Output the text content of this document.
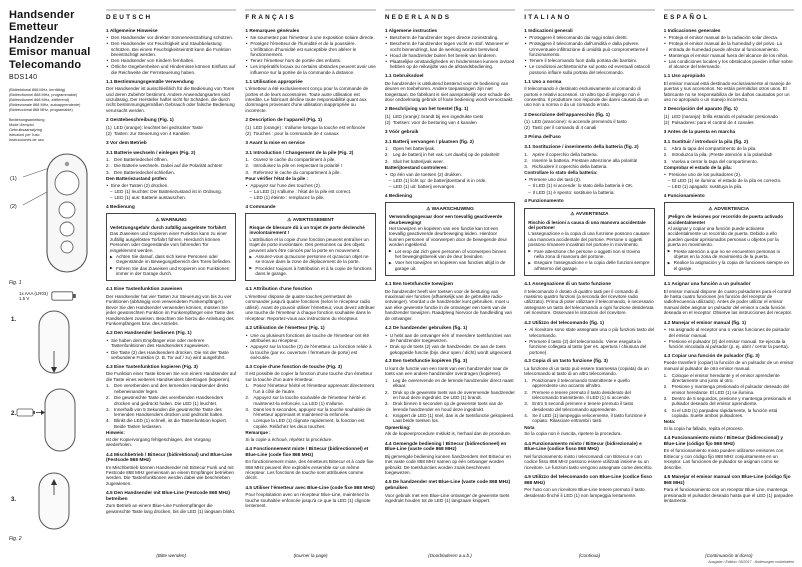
Handsender
Emetteur
Handzender
Emisor manual
Telecomando
BDS140
(Bidirektional 868 MHz, lernfähig)
(Bidirectionnel 868 MHz, programmable)
(Bidirectioneel 868 MHz, zelflerend)
(Bidirezionale 868 MHz, autoapprendente)
(Bidireccional 868 MHz, programable)
Bedienungsanleitung
Mode d'emploi
Gebruiksaanwijzing
Istruzioni per l'uso
Instrucciones de uso
(1)
(2)
Fig. 1
1x AAA (LR03)
1.5 V
1.
2.
3.
Fig. 2
DEUTSCH
1 Allgemeine Hinweise
• Den Handsender vor direkter Sonneneinstrahlung schützen.
• Den Handsender vor Feuchtigkeit und Staubbelastung schützen. Bei einem Feuchtigkeitseintritt kann die Funktion beeinträchtigt werden.
• Den Handsender von Kindern fernhalten.
• Örtliche Gegebenheiten und Hindernisse können Einfluss auf die Reichweite der Fernsteuerung haben.
1.1 Bestimmungsgemäße Verwendung
Der Handsender ist ausschließlich für die Bedienung von Toren und deren Zubehör bestimmt. Andere Anwendungsarten sind unzulässig. Der Hersteller haftet nicht für Schäden, die durch nicht bestimmungsgemäßen Gebrauch oder falsche Bedienung verursacht werden.
2 Gerätebeschreibung (Fig. 1)
(1) LED (orange): leuchtet bei gedrückter Taste
(2) Tasten: zur Steuerung von 4 Kanälen
3 Vor dem Betrieb
3.1 Batterie wechseln / einlegen (Fig. 2)
1. Den Batteriedeckel öffnen.
2. Die Batterie wechseln. Dabei auf die Polarität achten!
3. Den Batteriedeckel schließen.
Den Batteriezustand prüfen:
• Eine der Tasten (2) drücken.
– LED (1) leuchtet: Der Batteriezustand ist in Ordnung.
– LED (1) aus: Batterie austauschen.
4 Bedienung
⚠ WARNUNG
Verletzungsgefahr durch zufällig ausgelöste Torfahrt!
Das Zuweisen und Kopieren einer Funktion kann zu einer zufällig ausgelösten Torfahrt führen. Hierdurch können Personen oder Gegenstände vom fahrenden Tor eingeklemmt werden.
▶ Achten Sie darauf, dass sich keine Personen oder Gegenstände im Bewegungsbereich des Tores befinden.
▶ Führen Sie das Zuweisen und Kopieren von Funktionen immer in der Garage durch.
4.1 Eine Tastenfunktion zuweisen
Der Handsender hat vier Tasten zur Steuerung von bis zu vier Funktionen (abhängig vom verwendeten Funkempfänger). Bevor Sie den Handsender verwenden können, müssen Sie jeder gewünschten Funktion im Funkempfänger eine Taste des Handsenders zuweisen. Beachten Sie hierzu die Anleitung des Funkempfängers bzw. des Antriebs.
4.2 Den Handsender bedienen (Fig. 1)
• Sie haben dem Empfänger eine oder mehrere Tastenfunktionen des Handsenders zugewiesen.
• Die Taste (2) des Handsenders drücken. Die mit der Taste verbundene Funktion (z. B. Tor auf / zu) wird ausgeführt.
4.3 Eine Tastenfunktion kopieren (Fig. 3)
Die Funktion einer Taste können Sie von einem Handsender auf die Taste eines weiteren Handsenders übertragen (kopieren).
1. Den vererbenden und den lernenden Handsender direkt nebeneinander legen.
2. Die gewünschte Taste des vererbenden Handsenders drücken und gedrückt halten. Die LED (1) leuchtet.
3. Innerhalb von 5 Sekunden die gewünschte Taste des lernenden Handsenders drücken und gedrückt halten.
4. Blinkt die LED (1) schnell, ist die Tastenfunktion kopiert. Beide Tasten loslassen.
Hinweis:
Ist der Kopiervorgang fehlgeschlagen, den Vorgang wiederholen.
4.4 Mischbetrieb / BiSecur (bidirektional) und Blue-Line (Festcode 868 MHz)
Im Mischbetrieb können Handsender mit BiSecur Funk und mit Festcode 868 MHz gemeinsam an einem Empfänger betrieben werden. Die Tastenfunktionen werden dabei wie beschrieben zugewiesen.
4.5 Den Handsender mit Blue-Line (Festcode 868 MHz) betreiben
Zum Betrieb an einem Blue-Line Funkempfänger die gewünschte Taste lang drücken, bis die LED (1) langsam blinkt.
(Bitte wenden)
FRANÇAIS
1 Remarques générales
• Ne soumettez pas l'émetteur à une exposition solaire directe.
• Protégez l'émetteur de l'humidité et de la poussière. L'infiltration d'humidité est susceptible d'en altérer le fonctionnement.
• Tenez l'émetteur hors de portée des enfants.
• Les impératifs locaux ou certains obstacles peuvent avoir une influence sur la portée de la commande à distance.
1.1 Utilisation appropriée
L'émetteur a été exclusivement conçu pour la commande de portes et de leurs accessoires. Toute autre utilisation est interdite. Le fabricant décline toute responsabilité quant aux dommages provenant d'une utilisation inappropriée ou incorrecte.
2 Description de l'appareil (Fig. 1)
(1) LED (orange) : s'allume lorsque la touche est enfoncée
(2) Touches : pour la commande de 4 canaux
3 Avant la mise en service
3.1 Introduction / Changement de la pile (Fig. 2)
1. Ouvrez le cache du compartiment à pile.
2. Introduisez la pile en respectant la polarité !
3. Refermez le cache du compartiment à pile.
Pour vérifier l'état de la pile :
• Appuyez sur l'une des touches (2).
– La LED (1) s'allume : l'état de la pile est correct.
– LED (1) éteinte : remplacez la pile.
4 Commande
⚠ AVERTISSEMENT
Risque de blessure dû à un trajet de porte déclenché involontairement !
L'attribution et la copie d'une fonction peuvent entraîner un trajet de porte involontaire. Des personnes ou des objets peuvent alors être coincés par la porte en mouvement.
▶ Assurez-vous qu'aucune personne et qu'aucun objet ne se trouve dans la zone de déplacement de la porte.
▶ Procédez toujours à l'attribution et à la copie de fonctions dans le garage.
4.1 Attribution d'une fonction
L'émetteur dispose de quatre touches permettant de commander jusqu'à quatre fonctions (selon le récepteur radio utilisé). Avant de pouvoir utiliser l'émetteur, vous devez attribuer une touche de l'émetteur à chaque fonction souhaitée dans le récepteur. Reportez-vous aux instructions du récepteur.
4.2 Utilisation de l'émetteur (Fig. 1)
• Une ou plusieurs fonctions de touche de l'émetteur ont été attribuées au récepteur.
• Appuyez sur la touche (2) de l'émetteur. La fonction reliée à la touche (par ex. ouverture / fermeture de porte) est exécutée.
4.3 Copie d'une fonction de touche (Fig. 3)
Il est possible de copier la fonction d'une touche d'un émetteur sur la touche d'un autre émetteur.
1. Posez l'émetteur hérité et l'émetteur apprenant directement l'un à côté de l'autre.
2. Appuyez sur la touche souhaitée de l'émetteur hérité et maintenez-la enfoncée. La LED (1) s'allume.
3. Dans les 5 secondes, appuyez sur la touche souhaitée de l'émetteur apprenant et maintenez-la enfoncée.
4. Lorsque la LED (1) clignote rapidement, la fonction est copiée. Relâchez les deux touches.
Remarque :
Si la copie a échoué, répétez la procédure.
4.4 Fonctionnement mixte / BiSecur (bidirectionnel) et Blue-Line (code fixe 868 MHz)
En fonctionnement mixte, des émetteurs BiSecur et à code fixe 868 MHz peuvent être exploités ensemble sur un même récepteur. Les fonctions de touche sont attribuées comme décrit.
4.5 Utiliser l'émetteur avec Blue-Line (code fixe 868 MHz)
Pour l'exploitation avec un récepteur Blue-Line, maintenez la touche souhaitée enfoncée jusqu'à ce que la LED (1) clignote lentement.
(tourner la page)
NEDERLANDS
1 Algemene instructies
• Bescherm de handzender tegen directe zoninstraling.
• Bescherm de handzender tegen vocht en stof. Wanneer er vocht binnendringt, kan de werking worden beïnvloed.
• Houd de handzender buiten het bereik van kinderen.
• Plaatselijke omstandigheden en hindernissen kunnen invloed hebben op de reikwijdte van de afstandsbediening.
1.1 Gebruiksdoel
De handzender is uitsluitend bestemd voor de bediening van deuren en toebehoren. Andere toepassingen zijn niet toegestaan. De fabrikant is niet aansprakelijk voor schade die door ondoelmatig gebruik of foute bediening wordt veroorzaakt.
2 Beschrijving van het toestel (fig. 1)
(1) LED (oranje): brandt bij een ingedrukte toets
(2) Toetsen: voor de besturing van 4 kanalen
3 Vóór gebruik
3.1 Batterij vervangen / plaatsen (fig. 2)
1. Open het batterijvak.
2. Leg de batterij in het vak. Let daarbij op de polariteit!
3. Sluit het batterijvak weer.
Batterijtoestand controleren:
• Op één van de toetsen (2) drukken.
– LED (1) licht op: de batterijtoestand is in orde.
– LED (1) uit: batterij vervangen.
4 Bediening
⚠ WAARSCHUWING
Verwondingsgevaar door een toevallig geactiveerde deurbeweging!
Het toewijzen en kopiëren van een functie kan tot een toevallig geactiveerde deurbeweging leiden. Hierdoor kunnen personen of voorwerpen door de bewegende deur worden ingeklemd.
▶ Let erop dat zich geen personen of voorwerpen binnen het bewegingsbereik van de deur bevinden.
▶ Voer het toewijzen en kopiëren van functies altijd in de garage uit.
4.1 Een toetsfunctie toewijzen
De handzender heeft vier toetsen voor de besturing van maximaal vier functies (afhankelijk van de gebruikte radio-ontvanger). Voordat u de handzender kunt gebruiken, moet u aan elke gewenste functie in de ontvanger een toets van de handzender toewijzen. Raadpleeg hiervoor de handleiding van de ontvanger.
4.2 De handzender gebruiken (fig. 1)
• U hebt aan de ontvanger één of meerdere toetsfuncties van de handzender toegewezen.
• Druk op de toets (2) van de handzender. De aan de toets gekoppelde functie (bijv. deur open / dicht) wordt uitgevoerd.
4.3 Een toetsfunctie kopiëren (fig. 3)
U kunt de functie van een toets van een handzender naar de toets van een andere handzender overdragen (kopiëren).
1. Leg de overervende en de lerende handzender direct naast elkaar.
2. Druk op de gewenste toets van de overervende handzender en houd deze ingedrukt. De LED (1) brandt.
3. Druk binnen 5 seconden op de gewenste toets van de lerende handzender en houd deze ingedrukt.
4. Knippert de LED (1) snel, dan is de toetsfunctie gekopieerd. Laat beide toetsen los.
Opmerking:
Als de kopieerprocedure mislukt is, herhaal dan de procedure.
4.4 Gemengde bediening / BiSecur (bidirectioneel) en Blue-Line (vaste code 868 MHz)
Bij gemengde bediening kunnen handzenders met BiSecur en met vaste code 868 MHz samen op één ontvanger worden gebruikt. De toetsfuncties worden zoals beschreven toegewezen.
4.5 De handzender met Blue-Line (vaste code 868 MHz) gebruiken
Voor gebruik met een Blue-Line ontvanger de gewenste toets ingedrukt houden tot de LED (1) langzaam knippert.
(Doorbladeren a.u.b.)
ITALIANO
1 Indicazioni generali
• Proteggere il telecomando dai raggi solari diretti.
• Proteggere il telecomando dall'umidità e dalla polvere. Un'eventuale infiltrazione di umidità può comprometterne il funzionamento.
• Tenere il telecomando fuori dalla portata dei bambini.
• Le condizioni architettoniche sul posto ed eventuali ostacoli possono influire sulla portata del telecomando.
1.1 Uso a norma
Il telecomando è destinato esclusivamente al comando di portoni e relativi accessori. Un altro tipo di impiego non è consentito. Il produttore non risponde dei danni causati da un uso non a norma o da un comando errato.
2 Descrizione dell'apparecchio (fig. 1)
(1) LED (arancione): si accende premendo il tasto
(2) Tasti: per il comando di 4 canali
3 Prima dell'uso
3.1 Sostituzione / inserimento della batteria (fig. 2)
1. Aprire il coperchio della batteria.
2. Inserire la batteria. Prestare attenzione alla polarità!
3. Richiudere il coperchio della batteria.
Controllare lo stato della batteria:
• Premere uno dei tasti (2).
– Il LED (1) si accende: lo stato della batteria è OK.
– Il LED (1) è spento: sostituire la batteria.
4 Funzionamento
⚠ AVVERTENZA
Rischio di lesioni a causa di una manovra accidentale del portone!
L'assegnazione e la copia di una funzione possono causare una manovra accidentale del portone. Persone o oggetti possono rimanere incastrati nel portone in movimento.
▶ Fare attenzione che persone o oggetti non si trovino nella zona di manovra del portone.
▶ Eseguire l'assegnazione e la copia delle funzioni sempre all'interno del garage.
4.1 Assegnazione di un tasto funzione
Il telecomando è dotato di quattro tasti per il comando di massimo quattro funzioni (a seconda del ricevitore radio utilizzato). Prima di poter utilizzare il telecomando, è necessario assegnare un tasto del telecomando a ogni funzione desiderata nel ricevitore. Osservare le istruzioni del ricevitore.
4.2 Utilizzo del telecomando (fig. 1)
• Al ricevitore sono state assegnate una o più funzioni tasto del telecomando.
• Premere il tasto (2) del telecomando. Viene eseguita la funzione collegata al tasto (per es. apertura / chiusura del portone).
4.3 Copia di un tasto funzione (fig. 3)
La funzione di un tasto può essere trasmessa (copiata) da un telecomando al tasto di un altro telecomando.
1. Posizionare il telecomando trasmittente e quello apprendente uno accanto all'altro.
2. Premere e tenere premuto il tasto desiderato del telecomando trasmittente. Il LED (1) si accende.
3. Entro 5 secondi premere e tenere premuto il tasto desiderato del telecomando apprendente.
4. Se il LED (1) lampeggia velocemente, il tasto funzione è copiato. Rilasciare entrambi i tasti.
Nota
Se la copia non è riuscita, ripetere la procedura.
4.4 Funzionamento misto / BiSecur (bidirezionale) e Blue-Line (codice fisso 868 MHz)
Nel funzionamento misto i telecomandi con BiSecur e con codice fisso 868 MHz possono essere utilizzati insieme su un ricevitore. Le funzioni tasto vengono assegnate come descritto.
4.5 Utilizzo del telecomando con Blue-Line (codice fisso 868 MHz)
Per l'uso con un ricevitore Blue-Line tenere premuto il tasto desiderato finché il LED (1) non lampeggia lentamente.
(Continua)
ESPAÑOL
1 Indicaciones generales
• Proteja el emisor manual de la radiación solar directa.
• Proteja el emisor manual de la humedad y del polvo. La entrada de humedad puede afectar al funcionamiento.
• Mantenga el emisor manual fuera del alcance de los niños.
• Las condiciones locales y los obstáculos pueden influir sobre el alcance del telemando.
1.1 Uso apropiado
El emisor manual está destinado exclusivamente al manejo de puertas y sus accesorios. No están permitidos otros usos. El fabricante no se responsabiliza de los daños causados por un uso no apropiado o un manejo incorrecto.
2 Descripción del aparato (fig. 1)
(1) LED (naranja): brilla estando el pulsador presionado
(2) Pulsadores: para el control de 4 canales
3 Antes de la puesta en marcha
3.1 Sustituir / introducir la pila (fig. 2)
1. Abra la tapa del compartimento de la pila.
2. Introduzca la pila. ¡Preste atención a la polaridad!
3. Vuelva a cerrar la tapa del compartimento.
Comprobar el estado de la pila:
• Presione uno de los pulsadores (2).
– El LED (1) se ilumina: el estado de la pila es correcto.
– LED (1) apagado: sustituya la pila.
4 Funcionamiento
⚠ ADVERTENCIA
¡Peligro de lesiones por recorrido de puerta activado accidentalmente!
Al asignar y copiar una función puede activarse accidentalmente un recorrido de puerta. Debido a ello pueden quedar aprisionados personas u objetos por la puerta en movimiento.
▶ Preste atención a que no se encuentren personas ni objetos en la zona de movimiento de la puerta.
▶ Realice la asignación y la copia de funciones siempre en el garaje.
4.1 Asignar una función a un pulsador
El emisor manual dispone de cuatro pulsadores para el control de hasta cuatro funciones (en función del receptor de radiofrecuencia utilizado). Antes de poder utilizar el emisor manual debe asignar un pulsador del emisor a cada función deseada en el receptor. Observe las instrucciones del receptor.
4.2 Manejar el emisor manual (fig. 1)
• Ha asignado al receptor una o varias funciones de pulsador del emisor manual.
• Presione el pulsador (2) del emisor manual. Se ejecuta la función vinculada al pulsador (p. ej. abrir / cerrar la puerta).
4.3 Copiar una función de pulsador (fig. 3)
Puede transferir (copiar) la función de un pulsador de un emisor manual al pulsador de otro emisor manual.
1. Coloque el emisor heredante y el emisor aprendiente directamente uno junto al otro.
2. Presione y mantenga presionado el pulsador deseado del emisor heredante. El LED (1) se ilumina.
3. Dentro de 5 segundos, presione y mantenga presionado el pulsador deseado del emisor aprendiente.
4. Si el LED (1) parpadea rápidamente, la función está copiada. Suelte ambos pulsadores.
Nota:
Si la copia ha fallado, repita el proceso.
4.4 Funcionamiento mixto / BiSecur (bidireccional) y Blue-Line (código fijo 868 MHz)
En el funcionamiento mixto pueden utilizarse emisores con BiSecur y con código fijo 868 MHz conjuntamente en un receptor. Las funciones de pulsador se asignan como se describe.
4.5 Manejar el emisor manual con Blue-Line (código fijo 868 MHz)
Para el funcionamiento con un receptor Blue-Line, mantenga presionado el pulsador deseado hasta que el LED (1) parpadee lentamente.
(Continuación al dorso)
Ausgabe / Edition: 05/2017 · Änderungen vorbehalten
